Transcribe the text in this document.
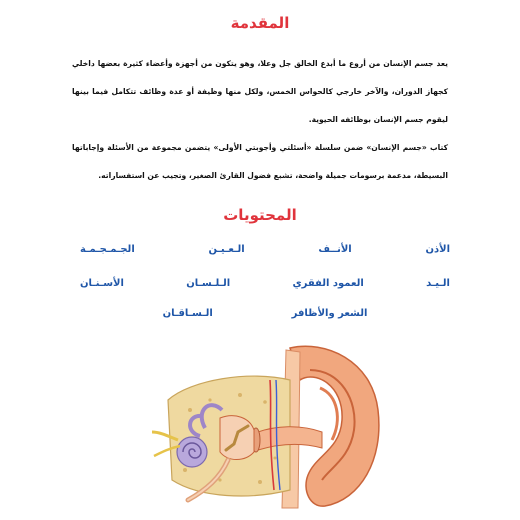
المقدمة

يعد جسم الإنسان من أروع ما أبدع الخالق جل وعلا، وهو يتكون من أجهزة وأعضاء كثيرة بعضها داخلي كجهاز الدوران، والآخر خارجي كالحواس الخمس، ولكل منها وظيفة أو عدة وظائف تتكامل فيما بينها ليقوم جسم الإنسان بوظائفه الحيوية.

كتاب «جسم الإنسان» ضمن سلسلة «أسئلتي وأجوبتي الأولى» يتضمن مجموعة من الأسئلة وإجاباتها البسيطة، مدعمة برسومات جميلة واضحة، تشبع فضول القارئ الصغير، وتجيب عن استفساراته.

المحتويات
الجـمـجـمـة	الـعـيـن	الأنــف	الأذن
الأسـنـان	الـلـسـان	العمود الفقري	الـيـد
الـسـاقـان	الشعر والأظافر
